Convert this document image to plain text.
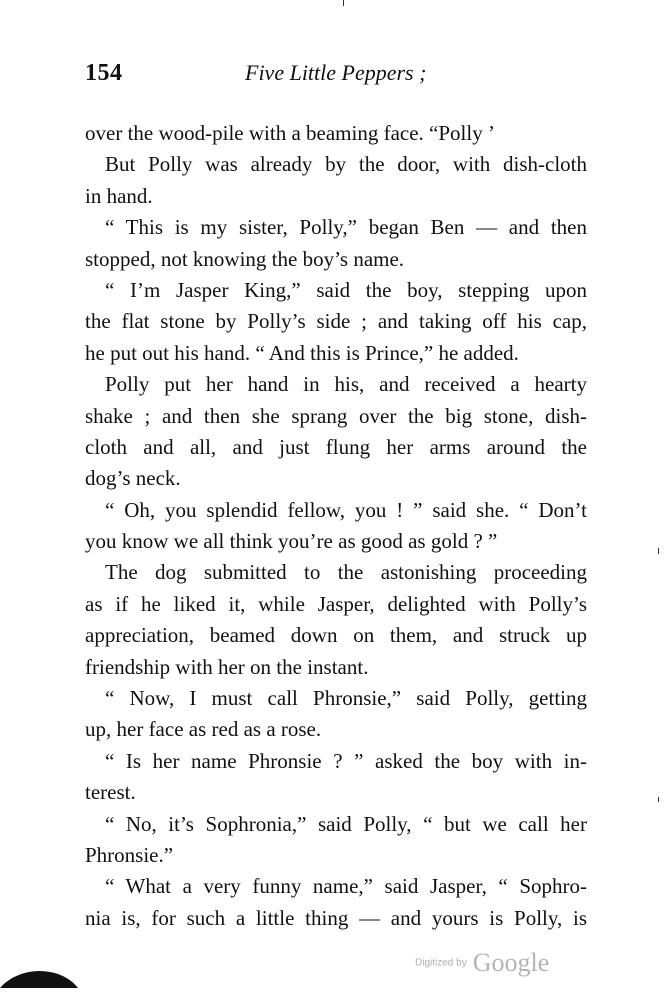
154	Five Little Peppers ;
over the wood-pile with a beaming face. “Polly ’
But Polly was already by the door, with dish-cloth
in hand.
“ This is my sister, Polly,” began Ben — and then
stopped, not knowing the boy’s name.
“ I’m Jasper King,” said the boy, stepping upon
the flat stone by Polly’s side ; and taking off his cap,
he put out his hand. “ And this is Prince,” he added.
Polly put her hand in his, and received a hearty
shake ; and then she sprang over the big stone, dish-
cloth and all, and just flung her arms around the
dog’s neck.
“ Oh, you splendid fellow, you ! ” said she. “ Don’t
you know we all think you’re as good as gold ? ”
The dog submitted to the astonishing proceeding
as if he liked it, while Jasper, delighted with Polly’s
appreciation, beamed down on them, and struck up
friendship with her on the instant.
“ Now, I must call Phronsie,” said Polly, getting
up, her face as red as a rose.
“ Is her name Phronsie ? ” asked the boy with in-
terest.
“ No, it’s Sophronia,” said Polly, “ but we call her
Phronsie.”
“ What a very funny name,” said Jasper, “ Sophro-
nia is, for such a little thing — and yours is Polly, is
Digitized by Google
